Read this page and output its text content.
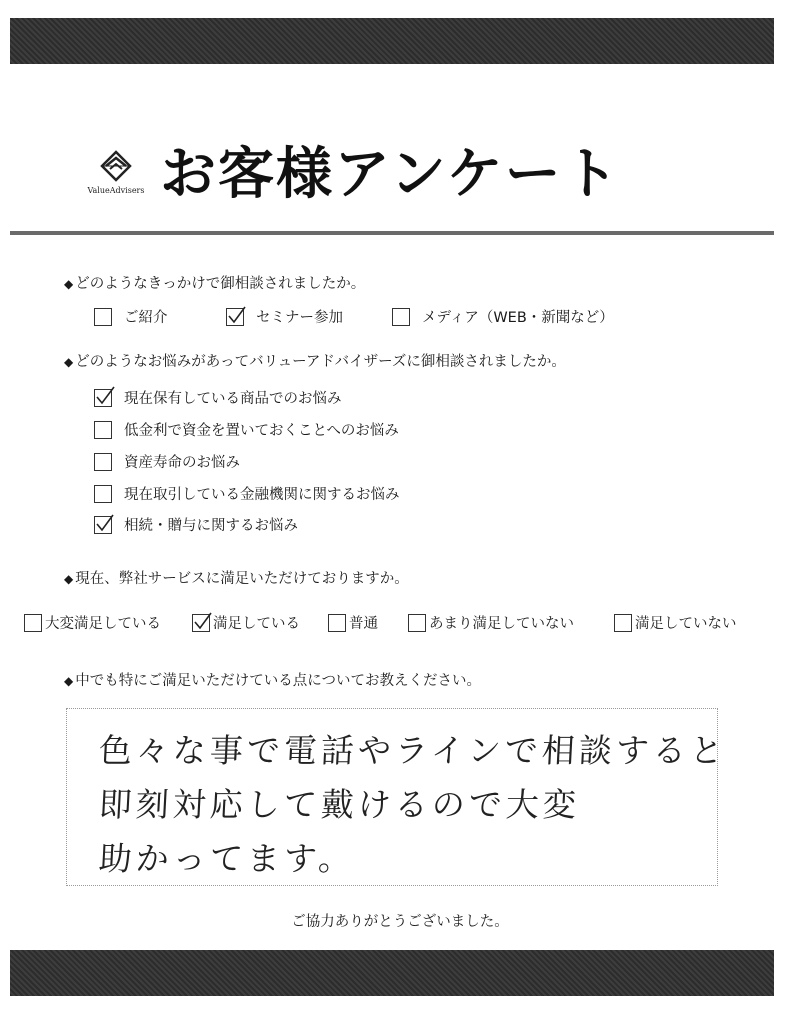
ValueAdvisers お客様アンケート
◆ どのようなきっかけで御相談されましたか。
ご紹介	セミナー参加	メディア（WEB・新聞など）
◆ どのようなお悩みがあってバリューアドバイザーズに御相談されましたか。
現在保有している商品でのお悩み
低金利で資金を置いておくことへのお悩み
資産寿命のお悩み
現在取引している金融機関に関するお悩み
相続・贈与に関するお悩み
◆ 現在、弊社サービスに満足いただけておりますか。
大変満足している	満足している	普通	あまり満足していない	満足していない
◆ 中でも特にご満足いただけている点についてお教えください。
色々な事で電話やラインで相談すると
即刻対応して戴けるので大変
助かってます。
ご協力ありがとうございました。
